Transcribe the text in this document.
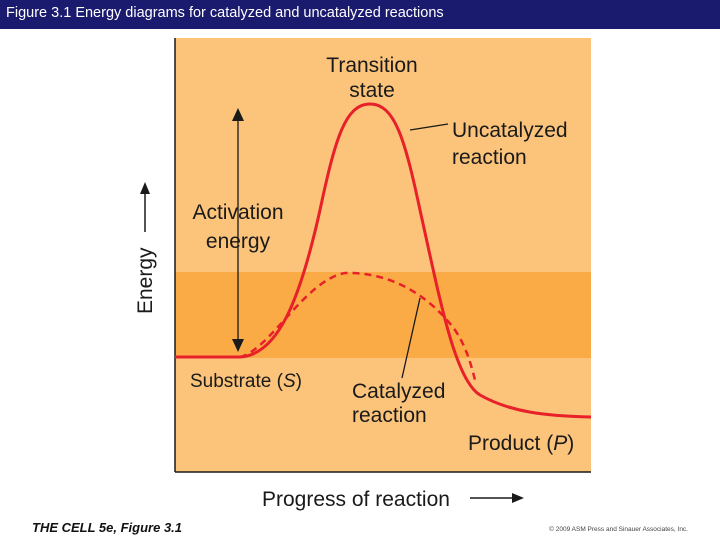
Figure 3.1 Energy diagrams for catalyzed and uncatalyzed reactions
Transition
state
Uncatalyzed
reaction
Activation
energy
Substrate (S) Catalyzed
reaction
Product (P)
Energy
Progress of reaction
THE CELL 5e, Figure 3.1	© 2009 ASM Press and Sinauer Associates, Inc.
